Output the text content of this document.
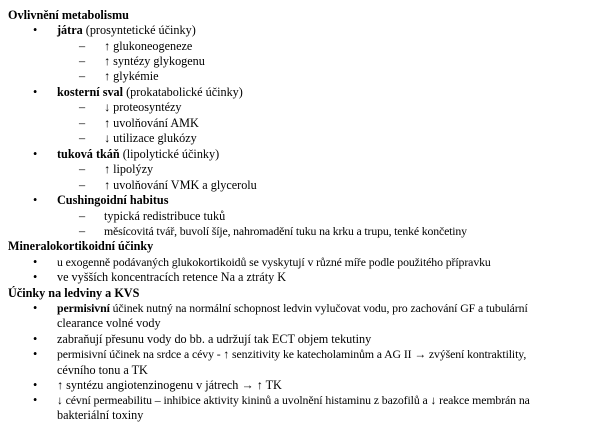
Ovlivnění metabolismu
• játra (prosyntetické účinky)
– ↑ glukoneogeneze
– ↑ syntézy glykogenu
– ↑ glykémie
• kosterní sval (prokatabolické účinky)
– ↓ proteosyntézy
– ↑ uvolňování AMK
– ↓ utilizace glukózy
• tuková tkáň (lipolytické účinky)
– ↑ lipolýzy
– ↑ uvolňování VMK a glycerolu
• Cushingoidní habitus
– typická redistribuce tuků
– měsícovitá tvář, buvolí šíje, nahromadění tuku na krku a trupu, tenké končetiny
Mineralokortikoidní účinky
• u exogenně podávaných glukokortikoidů se vyskytují v různé míře podle použitého přípravku
• ve vyšších koncentracích retence Na a ztráty K
Účinky na ledviny a KVS
• permisivní účinek nutný na normální schopnost ledvin vylučovat vodu, pro zachování GF a tubulární
clearance volné vody
• zabraňují přesunu vody do bb. a udržují tak ECT objem tekutiny
• permisivní účinek na srdce a cévy - ↑ senzitivity ke katecholaminům a AG II → zvýšení kontraktility,
cévního tonu a TK
• ↑ syntézu angiotenzinogenu v játrech → ↑ TK
• ↓ cévní permeabilitu – inhibice aktivity kininů a uvolnění histaminu z bazofilů a ↓ reakce membrán na
bakteriální toxiny
